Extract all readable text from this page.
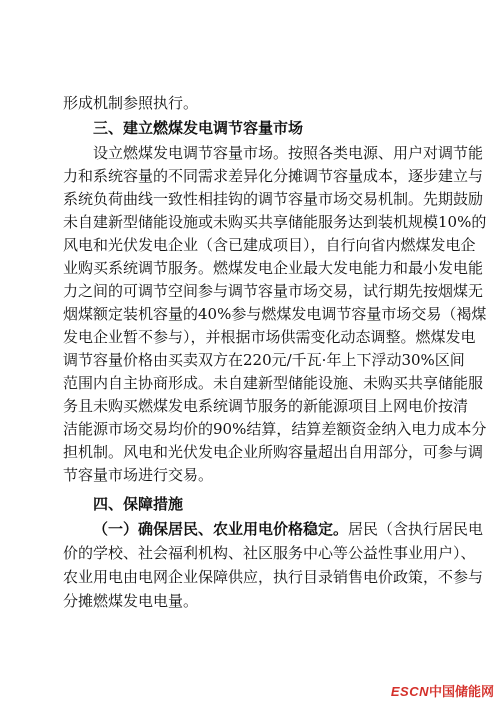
形成机制参照执行。
三、建立燃煤发电调节容量市场
设立燃煤发电调节容量市场。按照各类电源、用户对调节能
力和系统容量的不同需求差异化分摊调节容量成本，逐步建立与
系统负荷曲线一致性相挂钩的调节容量市场交易机制。先期鼓励
未自建新型储能设施或未购买共享储能服务达到装机规模10%的
风电和光伏发电企业（含已建成项目），自行向省内燃煤发电企
业购买系统调节服务。燃煤发电企业最大发电能力和最小发电能
力之间的可调节空间参与调节容量市场交易，试行期先按烟煤无
烟煤额定装机容量的40%参与燃煤发电调节容量市场交易（褐煤
发电企业暂不参与），并根据市场供需变化动态调整。燃煤发电
调节容量价格由买卖双方在220元/千瓦·年上下浮动30%区间
范围内自主协商形成。未自建新型储能设施、未购买共享储能服
务且未购买燃煤发电系统调节服务的新能源项目上网电价按清
洁能源市场交易均价的90%结算，结算差额资金纳入电力成本分
担机制。风电和光伏发电企业所购容量超出自用部分，可参与调
节容量市场进行交易。
四、保障措施
（一）确保居民、农业用电价格稳定。居民（含执行居民电
价的学校、社会福利机构、社区服务中心等公益性事业用户）、
农业用电由电网企业保障供应，执行目录销售电价政策，不参与
分摊燃煤发电电量。
ESCN中国储能网
